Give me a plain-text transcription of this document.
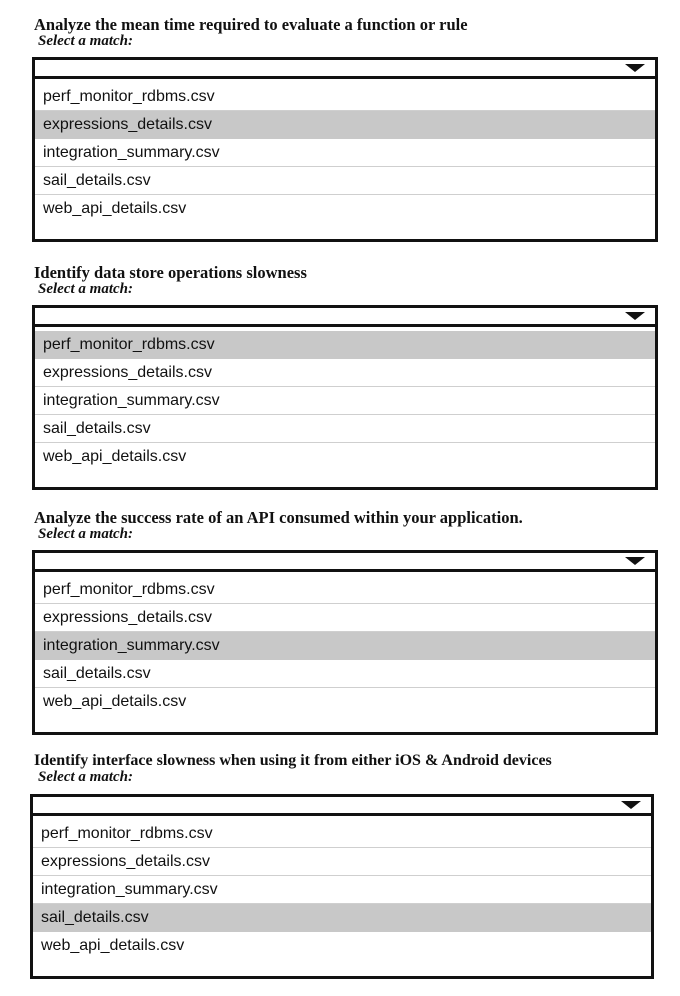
Analyze the mean time required to evaluate a function or rule
Select a match:
perf_monitor_rdbms.csv
expressions_details.csv
integration_summary.csv
sail_details.csv
web_api_details.csv
Identify data store operations slowness
Select a match:
perf_monitor_rdbms.csv
expressions_details.csv
integration_summary.csv
sail_details.csv
web_api_details.csv
Analyze the success rate of an API consumed within your application.
Select a match:
perf_monitor_rdbms.csv
expressions_details.csv
integration_summary.csv
sail_details.csv
web_api_details.csv
Identify interface slowness when using it from either iOS & Android devices
Select a match:
perf_monitor_rdbms.csv
expressions_details.csv
integration_summary.csv
sail_details.csv
web_api_details.csv
